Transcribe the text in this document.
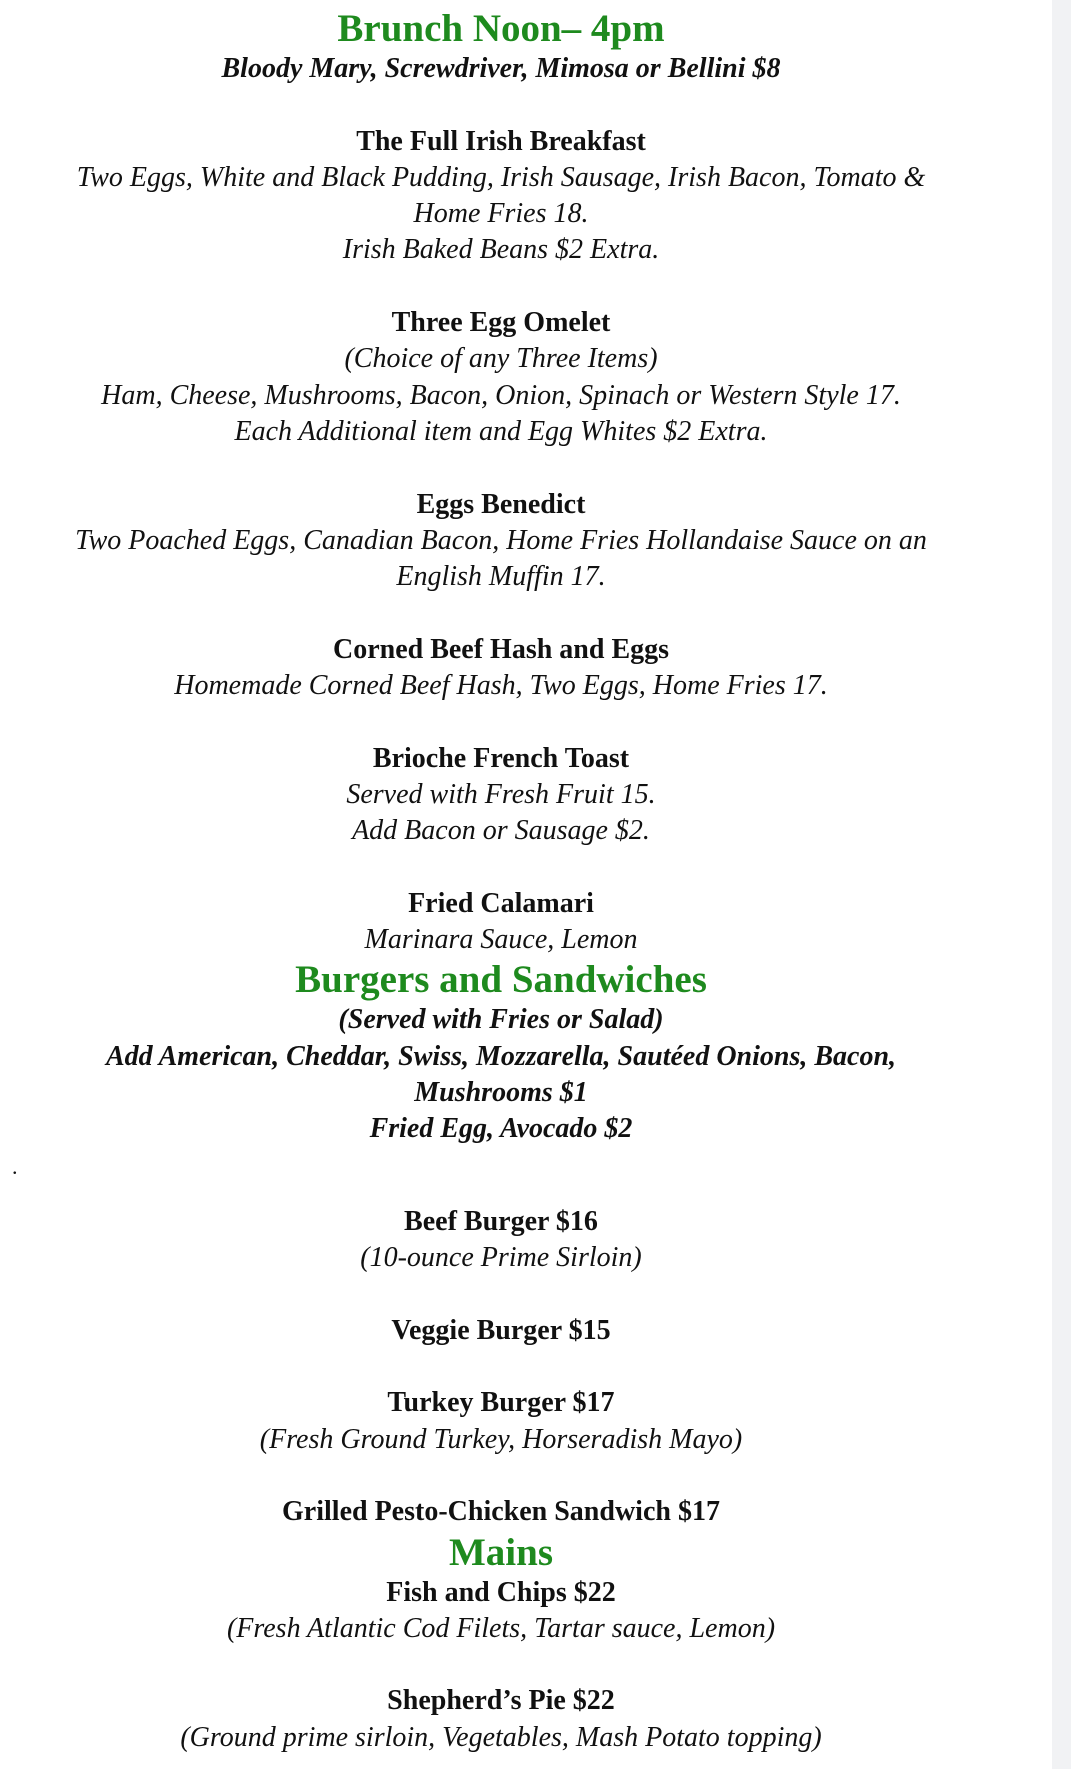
Brunch Noon– 4pm
Bloody Mary, Screwdriver, Mimosa or Bellini $8
The Full Irish Breakfast
Two Eggs, White and Black Pudding, Irish Sausage, Irish Bacon, Tomato &
Home Fries 18.
Irish Baked Beans $2 Extra.
Three Egg Omelet
(Choice of any Three Items)
Ham, Cheese, Mushrooms, Bacon, Onion, Spinach or Western Style 17.
Each Additional item and Egg Whites $2 Extra.
Eggs Benedict
Two Poached Eggs, Canadian Bacon, Home Fries Hollandaise Sauce on an
English Muffin 17.
Corned Beef Hash and Eggs
Homemade Corned Beef Hash, Two Eggs, Home Fries 17.
Brioche French Toast
Served with Fresh Fruit 15.
Add Bacon or Sausage $2.
Fried Calamari
Marinara Sauce, Lemon
Burgers and Sandwiches
(Served with Fries or Salad)
Add American, Cheddar, Swiss, Mozzarella, Sautéed Onions, Bacon,
Mushrooms $1
Fried Egg, Avocado $2
Beef Burger $16
(10-ounce Prime Sirloin)
Veggie Burger $15
Turkey Burger $17
(Fresh Ground Turkey, Horseradish Mayo)
Grilled Pesto-Chicken Sandwich $17
Mains
Fish and Chips $22
(Fresh Atlantic Cod Filets, Tartar sauce, Lemon)
Shepherd’s Pie $22
(Ground prime sirloin, Vegetables, Mash Potato topping)
.
